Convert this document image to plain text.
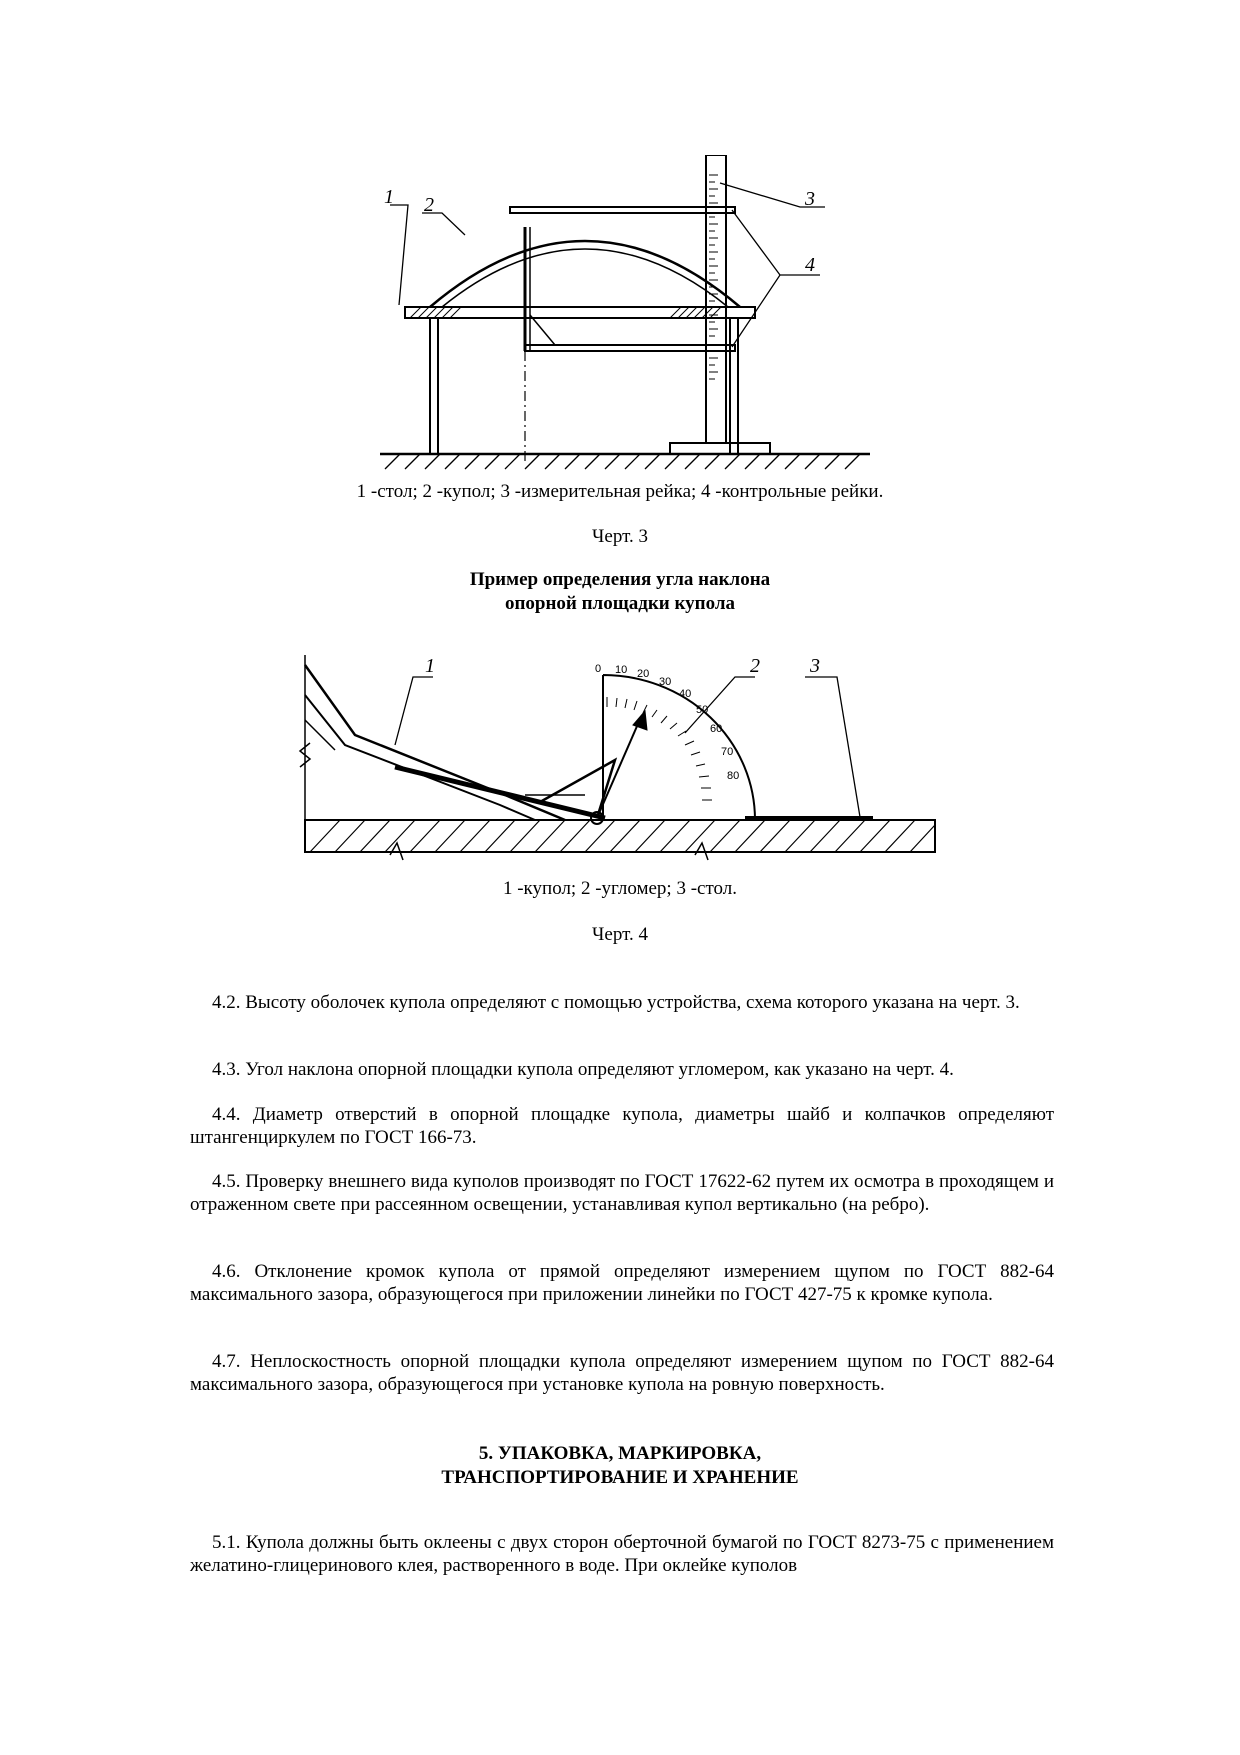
1 2	3
4
1 -стол; 2 -купол; 3 -измерительная рейка; 4 -контрольные рейки.
Черт. 3
Пример определения угла наклона
опорной площадки купола
0 10 20
30
40
50
60
70
80
1	2	3
1 -купол; 2 -угломер; 3 -стол.
Черт. 4

4.2. Высоту оболочек купола определяют с помощью устройства, схема которого указана на черт. 3.

4.3. Угол наклона опорной площадки купола определяют угломером, как указано на черт. 4.

4.4. Диаметр отверстий в опорной площадке купола, диаметры шайб и колпачков определяют штангенциркулем по ГОСТ 166-73.

4.5. Проверку внешнего вида куполов производят по ГОСТ 17622-62 путем их осмотра в проходящем и отраженном свете при рассеянном освещении, устанавливая купол вертикально (на ребро).

4.6. Отклонение кромок купола от прямой определяют измерением щупом по ГОСТ 882-64 максимального зазора, образующегося при приложении линейки по ГОСТ 427-75 к кромке купола.

4.7. Неплоскостность опорной площадки купола определяют измерением щупом по ГОСТ 882-64 максимального зазора, образующегося при установке купола на ровную поверхность.

5. УПАКОВКА, МАРКИРОВКА,
ТРАНСПОРТИРОВАНИЕ И ХРАНЕНИЕ

5.1. Купола должны быть оклеены с двух сторон оберточной бумагой по ГОСТ 8273-75 с применением желатино-глицеринового клея, растворенного в воде. При оклейке куполов
